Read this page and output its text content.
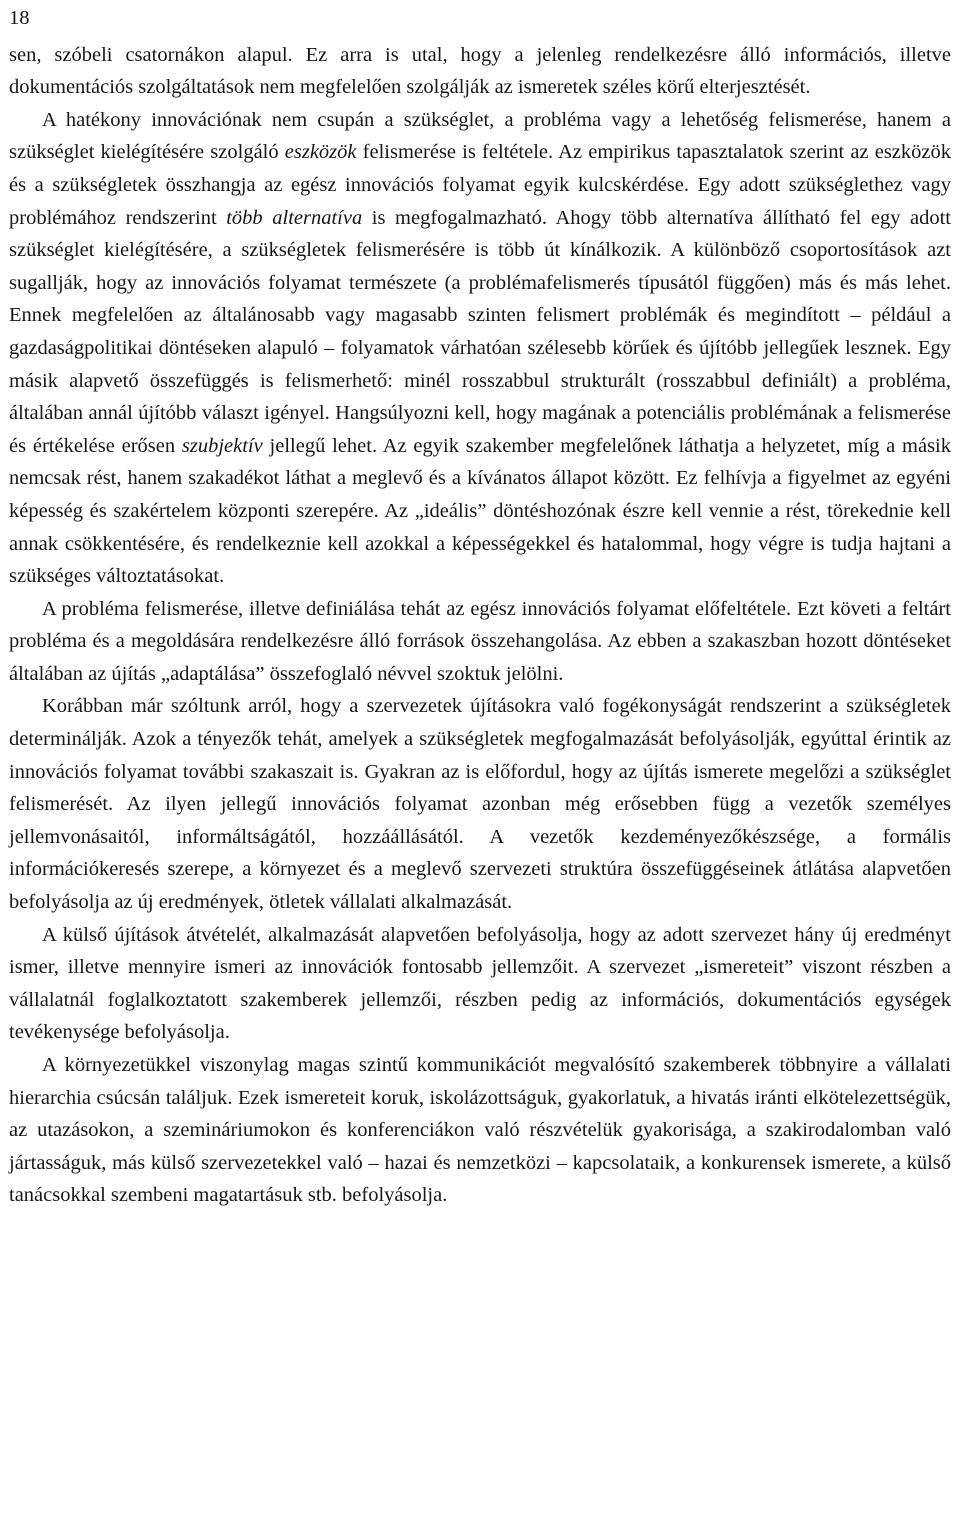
18

sen, szóbeli csatornákon alapul. Ez arra is utal, hogy a jelenleg rendelkezésre álló információs, illetve dokumentációs szolgáltatások nem megfelelően szolgálják az ismeretek széles körű elterjesztését.

A hatékony innovációnak nem csupán a szükséglet, a probléma vagy a lehetőség felismerése, hanem a szükséglet kielégítésére szolgáló eszközök felismerése is feltétele. Az empirikus tapasztalatok szerint az eszközök és a szükségletek összhangja az egész innovációs folyamat egyik kulcskérdése. Egy adott szükséglethez vagy problémához rendszerint több alternatíva is megfogalmazható. Ahogy több alternatíva állítható fel egy adott szükséglet kielégítésére, a szükségletek felismerésére is több út kínálkozik. A különböző csoportosítások azt sugallják, hogy az innovációs folyamat természete (a problémafelismerés típusától függően) más és más lehet. Ennek megfelelően az általánosabb vagy magasabb szinten felismert problémák és megindított – például a gazdaságpolitikai döntéseken alapuló – folyamatok várhatóan szélesebb körűek és újítóbb jellegűek lesznek. Egy másik alapvető összefüggés is felismerhető: minél rosszabbul strukturált (rosszabbul definiált) a probléma, általában annál újítóbb választ igényel. Hangsúlyozni kell, hogy magának a potenciális problémának a felismerése és értékelése erősen szubjektív jellegű lehet. Az egyik szakember megfelelőnek láthatja a helyzetet, míg a másik nemcsak rést, hanem szakadékot láthat a meglevő és a kívánatos állapot között. Ez felhívja a figyelmet az egyéni képesség és szakértelem központi szerepére. Az „ideális” döntéshozónak észre kell vennie a rést, törekednie kell annak csökkentésére, és rendelkeznie kell azokkal a képességekkel és hatalommal, hogy végre is tudja hajtani a szükséges változtatásokat.

A probléma felismerése, illetve definiálása tehát az egész innovációs folyamat előfeltétele. Ezt követi a feltárt probléma és a megoldására rendelkezésre álló források összehangolása. Az ebben a szakaszban hozott döntéseket általában az újítás „adaptálása” összefoglaló névvel szoktuk jelölni.

Korábban már szóltunk arról, hogy a szervezetek újításokra való fogékonyságát rendszerint a szükségletek determinálják. Azok a tényezők tehát, amelyek a szükségletek megfogalmazását befolyásolják, egyúttal érintik az innovációs folyamat további szakaszait is. Gyakran az is előfordul, hogy az újítás ismerete megelőzi a szükséglet felismerését. Az ilyen jellegű innovációs folyamat azonban még erősebben függ a vezetők személyes jellemvonásaitól, informáltságától, hozzáállásától. A vezetők kezdeményezőkészsége, a formális információkeresés szerepe, a környezet és a meglevő szervezeti struktúra összefüggéseinek átlátása alapvetően befolyásolja az új eredmények, ötletek vállalati alkalmazását.

A külső újítások átvételét, alkalmazását alapvetően befolyásolja, hogy az adott szervezet hány új eredményt ismer, illetve mennyire ismeri az innovációk fontosabb jellemzőit. A szervezet „ismereteit” viszont részben a vállalatnál foglalkoztatott szakemberek jellemzői, részben pedig az információs, dokumentációs egységek tevékenysége befolyásolja.

A környezetükkel viszonylag magas szintű kommunikációt megvalósító szakemberek többnyire a vállalati hierarchia csúcsán találjuk. Ezek ismereteit koruk, iskolázottságuk, gyakorlatuk, a hivatás iránti elkötelezettségük, az utazásokon, a szemináriumokon és konferenciákon való részvételük gyakorisága, a szakirodalomban való jártasságuk, más külső szervezetekkel való – hazai és nemzetközi – kapcsolataik, a konkurensek ismerete, a külső tanácsokkal szembeni magatartásuk stb. befolyásolja.
